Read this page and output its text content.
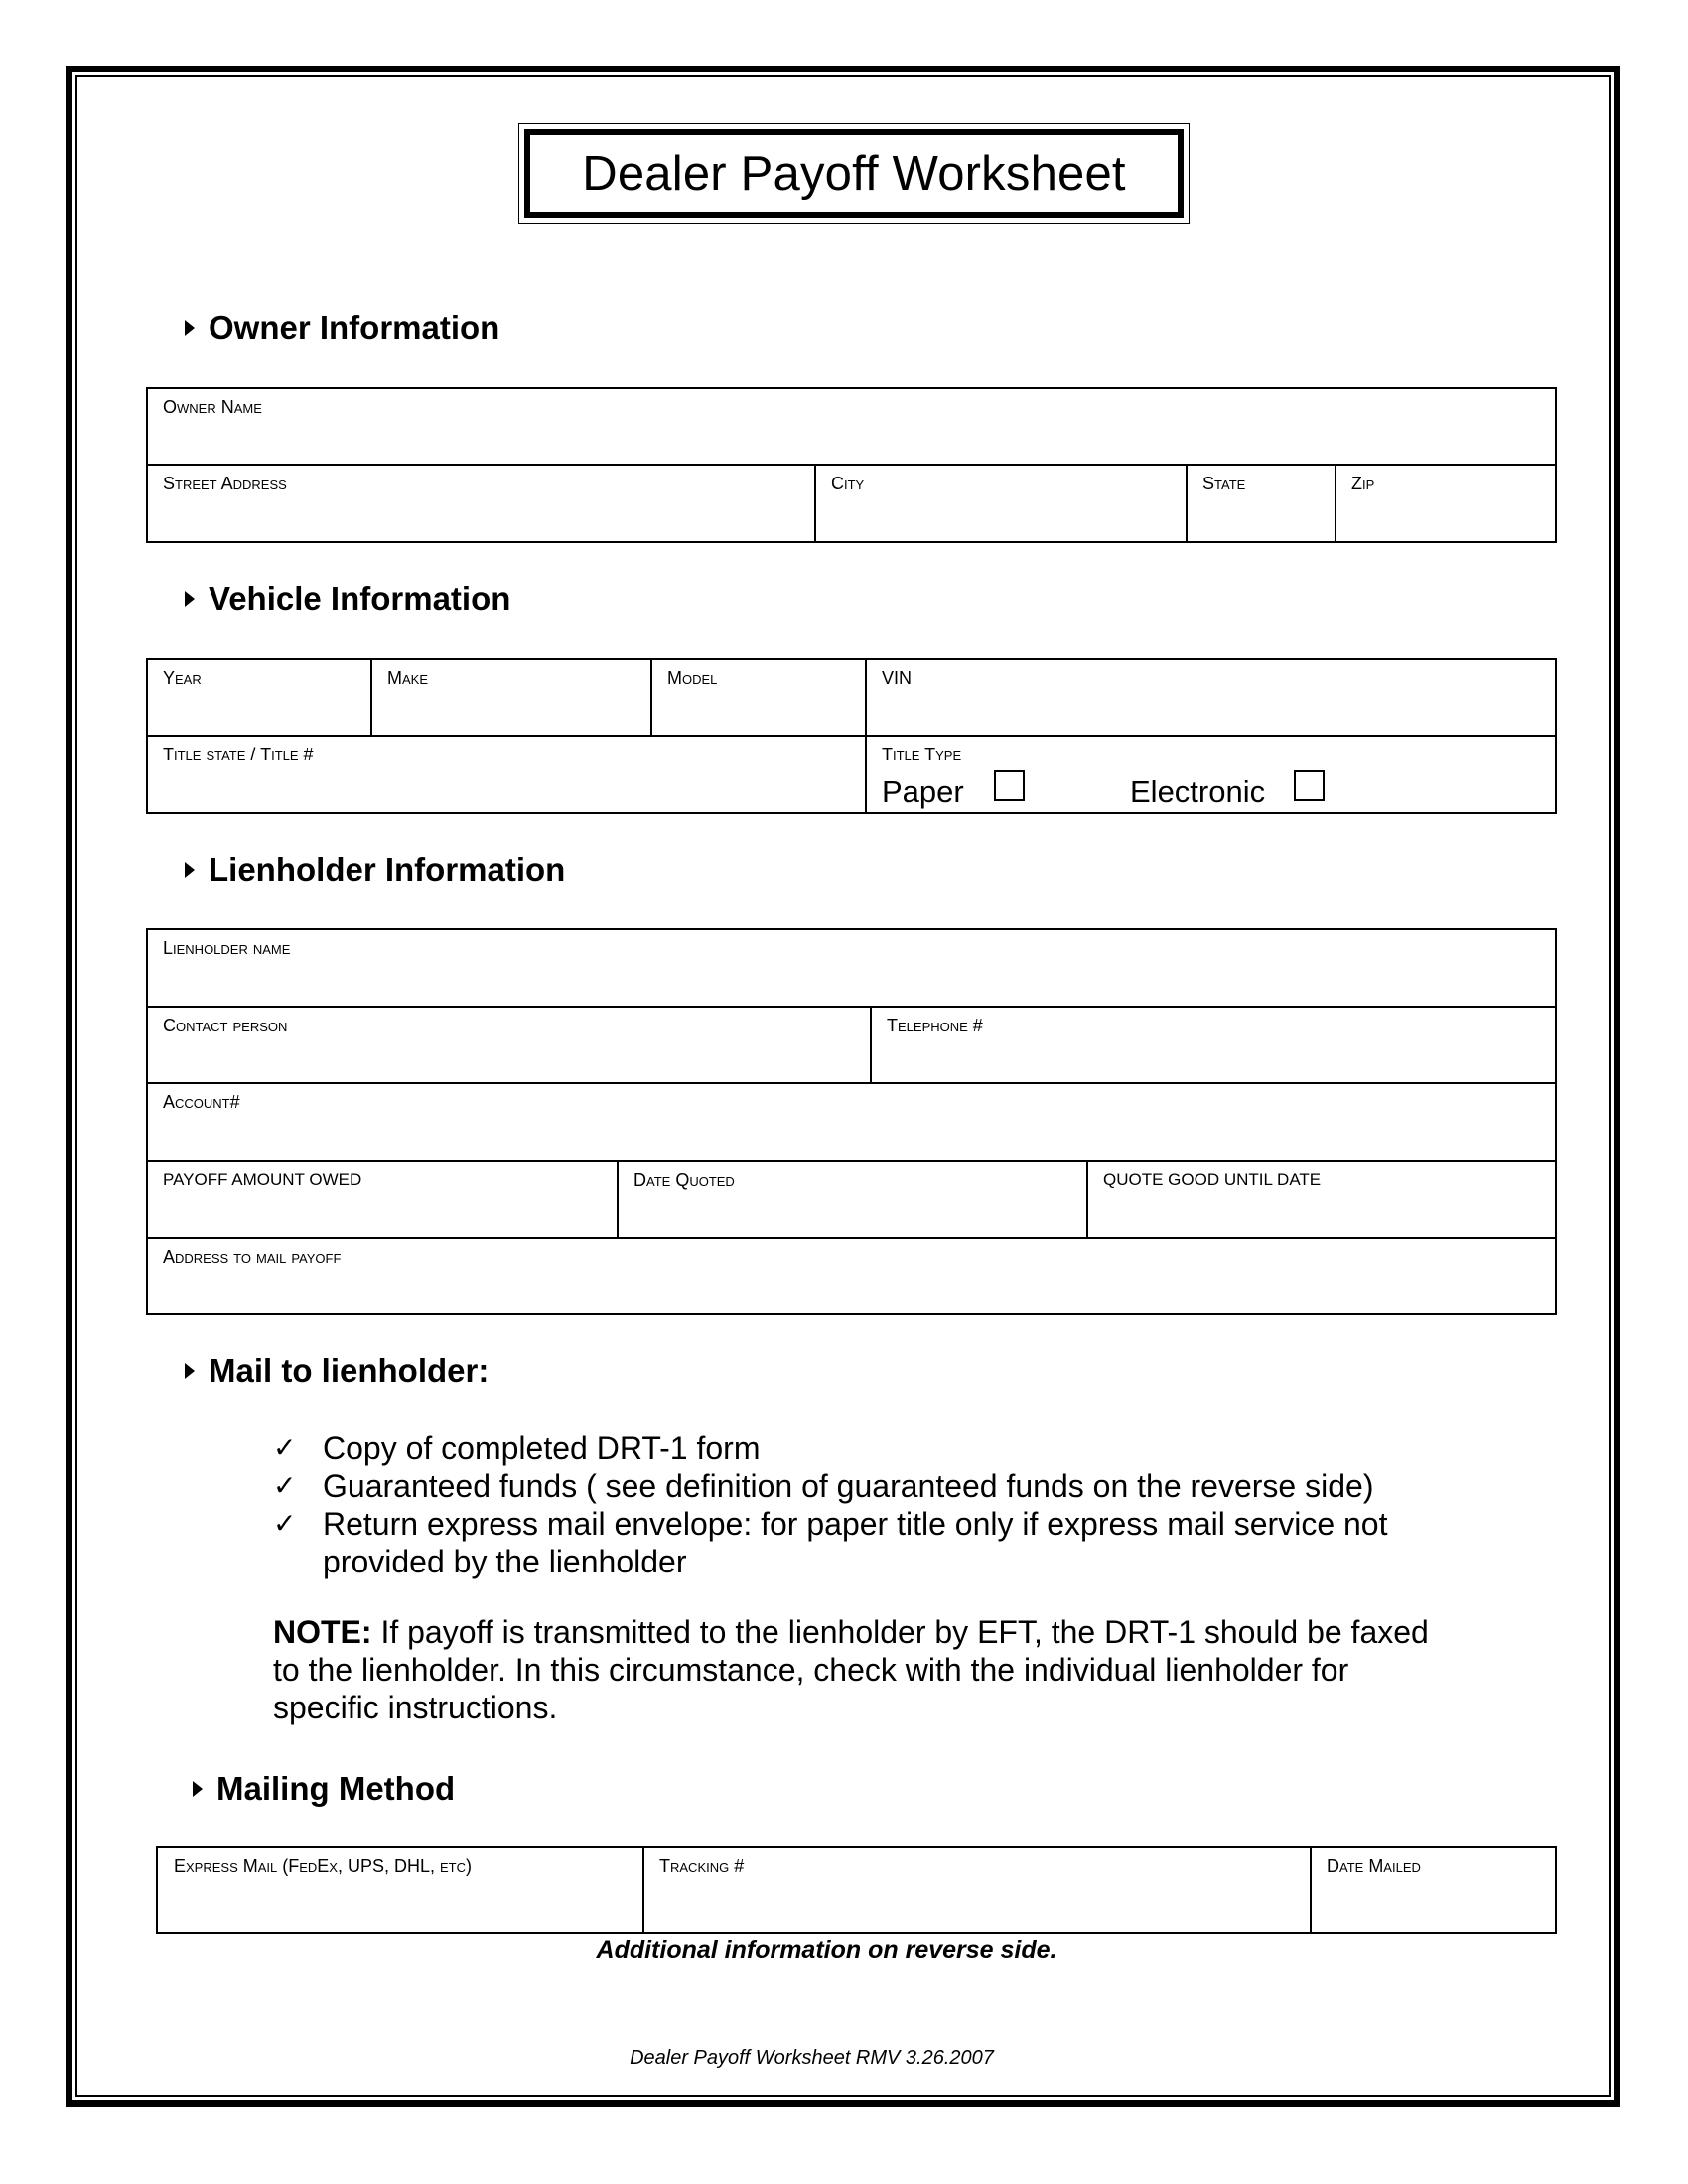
Dealer Payoff Worksheet
Owner Information
Owner Name
Street Address	City	State	Zip
Vehicle Information
Year	Make	Model	VIN
Title state / Title #	Title Type
Paper	Electronic
Lienholder Information
Lienholder name
Contact person	Telephone #
Account#
PAYOFF AMOUNT OWED	Date Quoted	QUOTE GOOD UNTIL DATE
Address to mail payoff
Mail to lienholder:
✓ Copy of completed DRT-1 form
✓ Guaranteed funds ( see definition of guaranteed funds on the reverse side)
✓ Return express mail envelope: for paper title only if express mail service not provided by the lienholder
NOTE: If payoff is transmitted to the lienholder by EFT, the DRT-1 should be faxed to the lienholder. In this circumstance, check with the individual lienholder for specific instructions.
Mailing Method
Express Mail (FedEx, UPS, DHL, etc)	Tracking #	Date Mailed
Additional information on reverse side.
Dealer Payoff Worksheet RMV 3.26.2007
